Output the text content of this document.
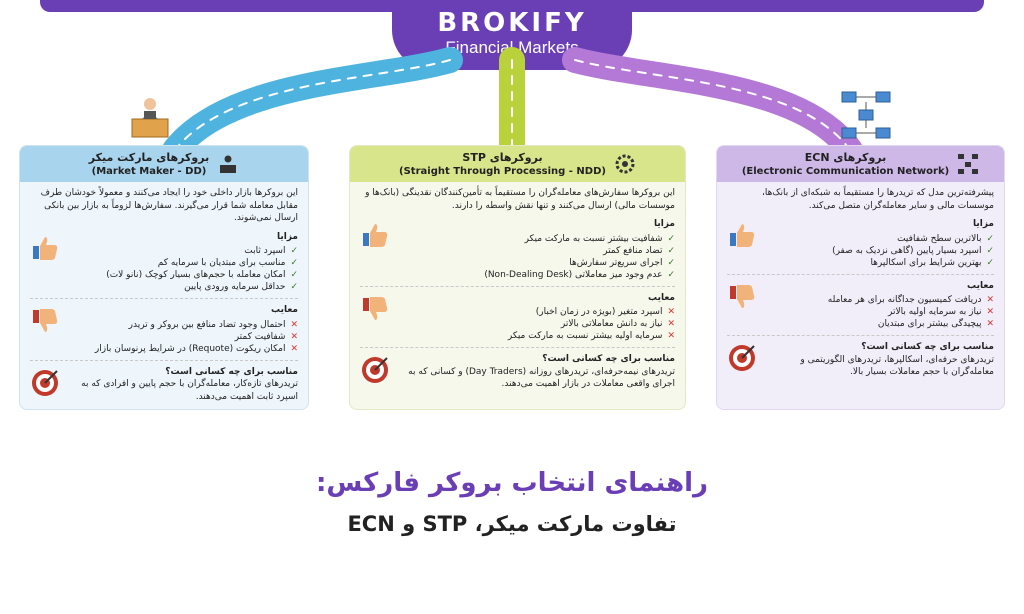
BROKIFY
Financial Markets
بروکرهای مارکت میکر
(Market Maker - DD)
این بروکرها بازار داخلی خود را ایجاد می‌کنند و معمولاً خودشان طرف مقابل معامله شما قرار می‌گیرند. سفارش‌ها لزوماً به بازار بین بانکی ارسال نمی‌شوند.
مزایا
✓
اسپرد ثابت
✓
مناسب برای مبتدیان با سرمایه کم
✓
امکان معامله با حجم‌های بسیار کوچک (نانو لات)
✓
حداقل سرمایه ورودی پایین
معایب
✕
احتمال وجود تضاد منافع بین بروکر و تریدر
✕
شفافیت کمتر
✕
امکان ریکوت (Requote) در شرایط پرنوسان بازار
مناسب برای چه کسانی است؟
تریدرهای تازه‌کار، معامله‌گران با حجم پایین و افرادی که به اسپرد ثابت اهمیت می‌دهند.
بروکرهای STP
(Straight Through Processing - NDD)
این بروکرها سفارش‌های معامله‌گران را مستقیماً به تأمین‌کنندگان نقدینگی (بانک‌ها و موسسات مالی) ارسال می‌کنند و تنها نقش واسطه را دارند.
مزایا
✓
شفافیت بیشتر نسبت به مارکت میکر
✓
تضاد منافع کمتر
✓
اجرای سریع‌تر سفارش‌ها
✓
عدم وجود میز معاملاتی (Non-Dealing Desk)
معایب
✕
اسپرد متغیر (بویژه در زمان اخبار)
✕
نیاز به دانش معاملاتی بالاتر
✕
سرمایه اولیه بیشتر نسبت به مارکت میکر
مناسب برای چه کسانی است؟
تریدرهای نیمه‌حرفه‌ای، تریدرهای روزانه (Day Traders) و کسانی که به اجرای واقعی معاملات در بازار اهمیت می‌دهند.
بروکرهای ECN
(Electronic Communication Network)
پیشرفته‌ترین مدل که تریدرها را مستقیماً به شبکه‌ای از بانک‌ها، موسسات مالی و سایر معامله‌گران متصل می‌کند.
مزایا
✓
بالاترین سطح شفافیت
✓
اسپرد بسیار پایین (گاهی نزدیک به صفر)
✓
بهترین شرایط برای اسکالپرها
معایب
✕
دریافت کمیسیون جداگانه برای هر معامله
✕
نیاز به سرمایه اولیه بالاتر
✕
پیچیدگی بیشتر برای مبتدیان
مناسب برای چه کسانی است؟
تریدرهای حرفه‌ای، اسکالپرها، تریدرهای الگوریتمی و معامله‌گران با حجم معاملات بسیار بالا.
راهنمای انتخاب بروکر فارکس:
تفاوت مارکت میکر، STP و ECN
